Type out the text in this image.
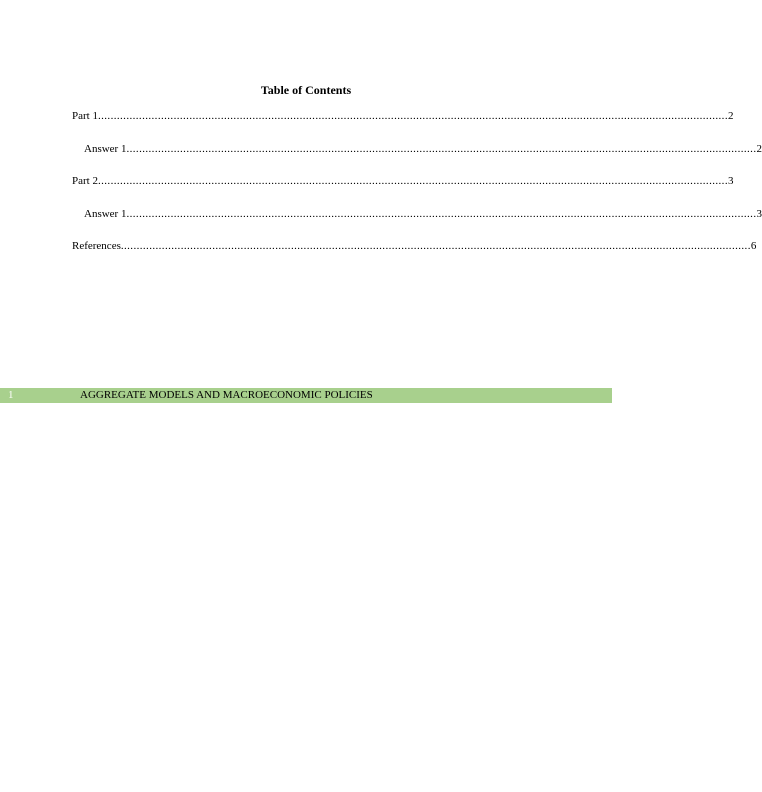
Table of Contents
Part 1 ........................................................................................................................................................................................................ 2
Answer 1 ........................................................................................................................................................................................................ 2
Part 2 ........................................................................................................................................................................................................ 3
Answer 1 ........................................................................................................................................................................................................ 3
References ........................................................................................................................................................................................................ 6
1	AGGREGATE MODELS AND MACROECONOMIC POLICIES
